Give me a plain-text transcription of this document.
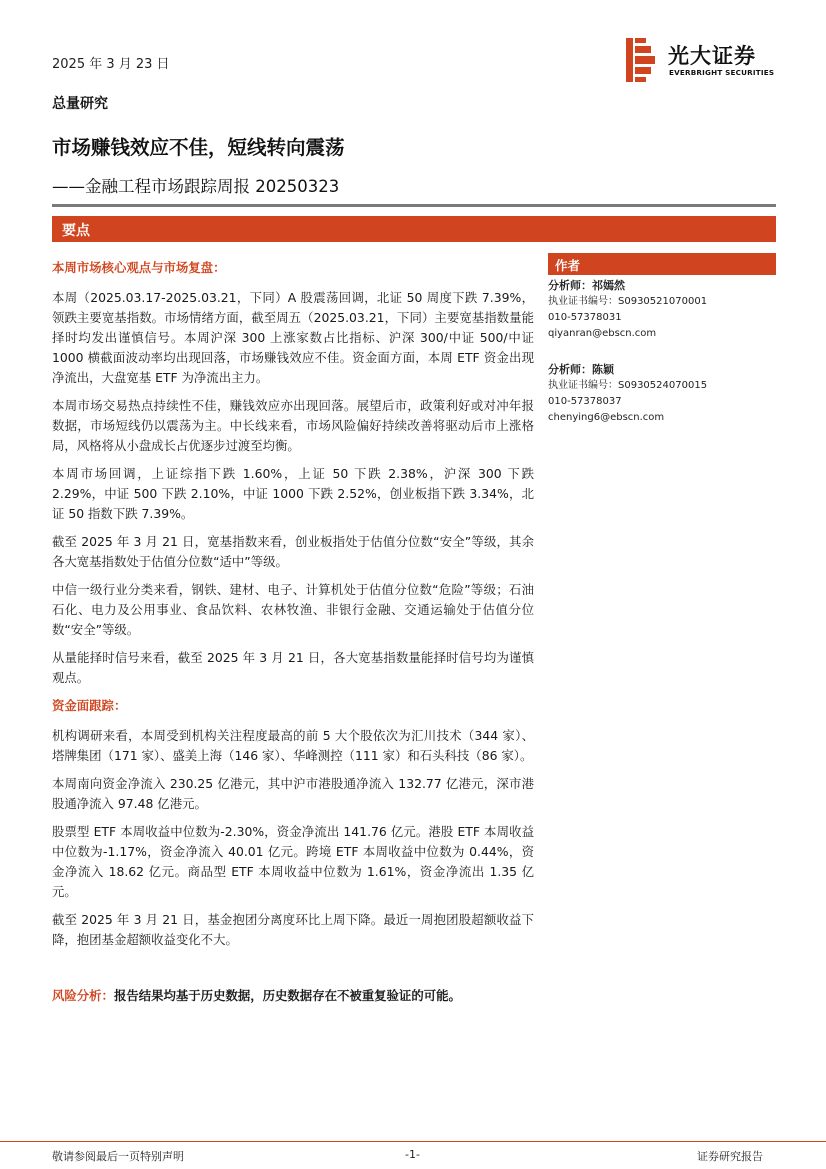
2025 年 3 月 23 日	光大证券
EVERBRIGHT SECURITIES
总量研究
市场赚钱效应不佳，短线转向震荡
——金融工程市场跟踪周报 20250323
要点
本周市场核心观点与市场复盘：

本周（2025.03.17-2025.03.21，下同）A 股震荡回调，北证 50 周度下跌 7.39%，领跌主要宽基指数。市场情绪方面，截至周五（2025.03.21，下同）主要宽基指数量能择时均发出谨慎信号。本周沪深 300 上涨家数占比指标、沪深 300/中证 500/中证 1000 横截面波动率均出现回落，市场赚钱效应不佳。资金面方面，本周 ETF 资金出现净流出，大盘宽基 ETF 为净流出主力。

本周市场交易热点持续性不佳，赚钱效应亦出现回落。展望后市，政策利好或对冲年报数据，市场短线仍以震荡为主。中长线来看，市场风险偏好持续改善将驱动后市上涨格局，风格将从小盘成长占优逐步过渡至均衡。

本周市场回调，上证综指下跌 1.60%，上证 50 下跌 2.38%，沪深 300 下跌 2.29%，中证 500 下跌 2.10%，中证 1000 下跌 2.52%，创业板指下跌 3.34%，北证 50 指数下跌 7.39%。

截至 2025 年 3 月 21 日，宽基指数来看，创业板指处于估值分位数“安全”等级，其余各大宽基指数处于估值分位数“适中”等级。

中信一级行业分类来看，钢铁、建材、电子、计算机处于估值分位数“危险”等级；石油石化、电力及公用事业、食品饮料、农林牧渔、非银行金融、交通运输处于估值分位数“安全”等级。

从量能择时信号来看，截至 2025 年 3 月 21 日，各大宽基指数量能择时信号均为谨慎观点。

资金面跟踪：

机构调研来看，本周受到机构关注程度最高的前 5 大个股依次为汇川技术（344 家）、塔牌集团（171 家）、盛美上海（146 家）、华峰测控（111 家）和石头科技（86 家）。

本周南向资金净流入 230.25 亿港元，其中沪市港股通净流入 132.77 亿港元，深市港股通净流入 97.48 亿港元。

股票型 ETF 本周收益中位数为-2.30%，资金净流出 141.76 亿元。港股 ETF 本周收益中位数为-1.17%，资金净流入 40.01 亿元。跨境 ETF 本周收益中位数为 0.44%，资金净流入 18.62 亿元。商品型 ETF 本周收益中位数为 1.61%，资金净流出 1.35 亿元。

截至 2025 年 3 月 21 日，基金抱团分离度环比上周下降。最近一周抱团股超额收益下降，抱团基金超额收益变化不大。

风险分析：报告结果均基于历史数据，历史数据存在不被重复验证的可能。
作者
分析师：祁嫣然
执业证书编号：S0930521070001
010-57378031
qiyanran@ebscn.com
分析师：陈颖
执业证书编号：S0930524070015
010-57378037
chenying6@ebscn.com
敬请参阅最后一页特别声明	-1-	证券研究报告
